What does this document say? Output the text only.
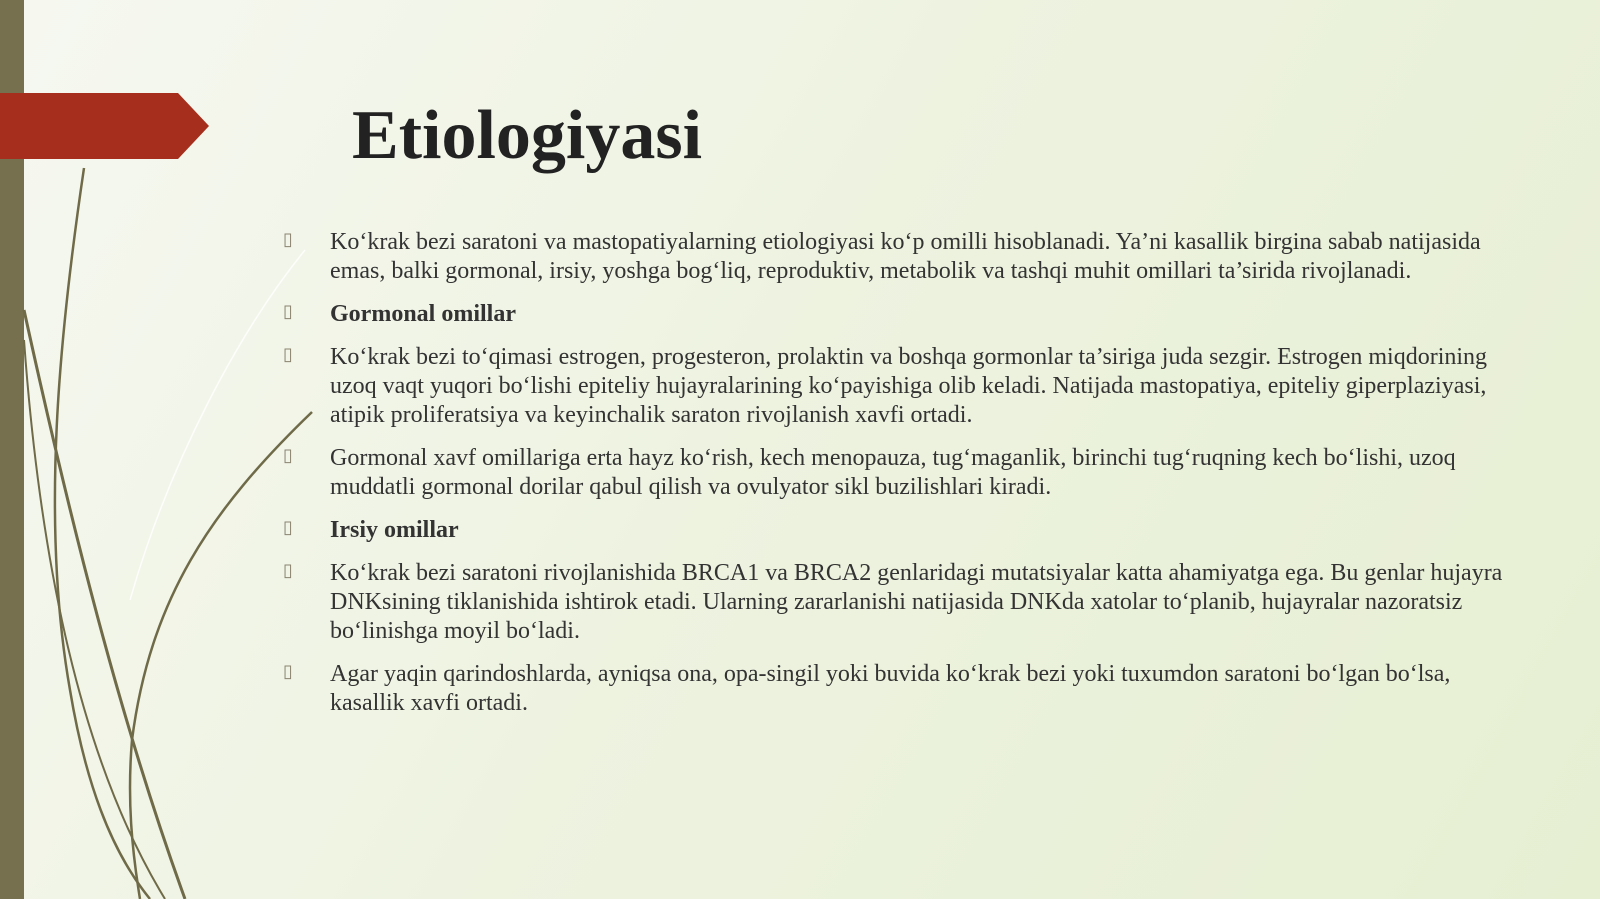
Etiologiyasi
▯ Ko‘krak bezi saratoni va mastopatiyalarning etiologiyasi ko‘p omilli hisoblanadi. Ya’ni kasallik birgina sabab natijasida emas, balki gormonal, irsiy, yoshga bog‘liq, reproduktiv, metabolik va tashqi muhit omillari ta’sirida rivojlanadi.
▯ Gormonal omillar
▯ Ko‘krak bezi to‘qimasi estrogen, progesteron, prolaktin va boshqa gormonlar ta’siriga juda sezgir. Estrogen miqdorining uzoq vaqt yuqori bo‘lishi epiteliy hujayralarining ko‘payishiga olib keladi. Natijada mastopatiya, epiteliy giperplaziyasi, atipik proliferatsiya va keyinchalik saraton rivojlanish xavfi ortadi.
▯ Gormonal xavf omillariga erta hayz ko‘rish, kech menopauza, tug‘maganlik, birinchi tug‘ruqning kech bo‘lishi, uzoq muddatli gormonal dorilar qabul qilish va ovulyator sikl buzilishlari kiradi.
▯ Irsiy omillar
▯ Ko‘krak bezi saratoni rivojlanishida BRCA1 va BRCA2 genlaridagi mutatsiyalar katta ahamiyatga ega. Bu genlar hujayra DNKsining tiklanishida ishtirok etadi. Ularning zararlanishi natijasida DNKda xatolar to‘planib, hujayralar nazoratsiz bo‘linishga moyil bo‘ladi.
▯ Agar yaqin qarindoshlarda, ayniqsa ona, opa-singil yoki buvida ko‘krak bezi yoki tuxumdon saratoni bo‘lgan bo‘lsa, kasallik xavfi ortadi.
